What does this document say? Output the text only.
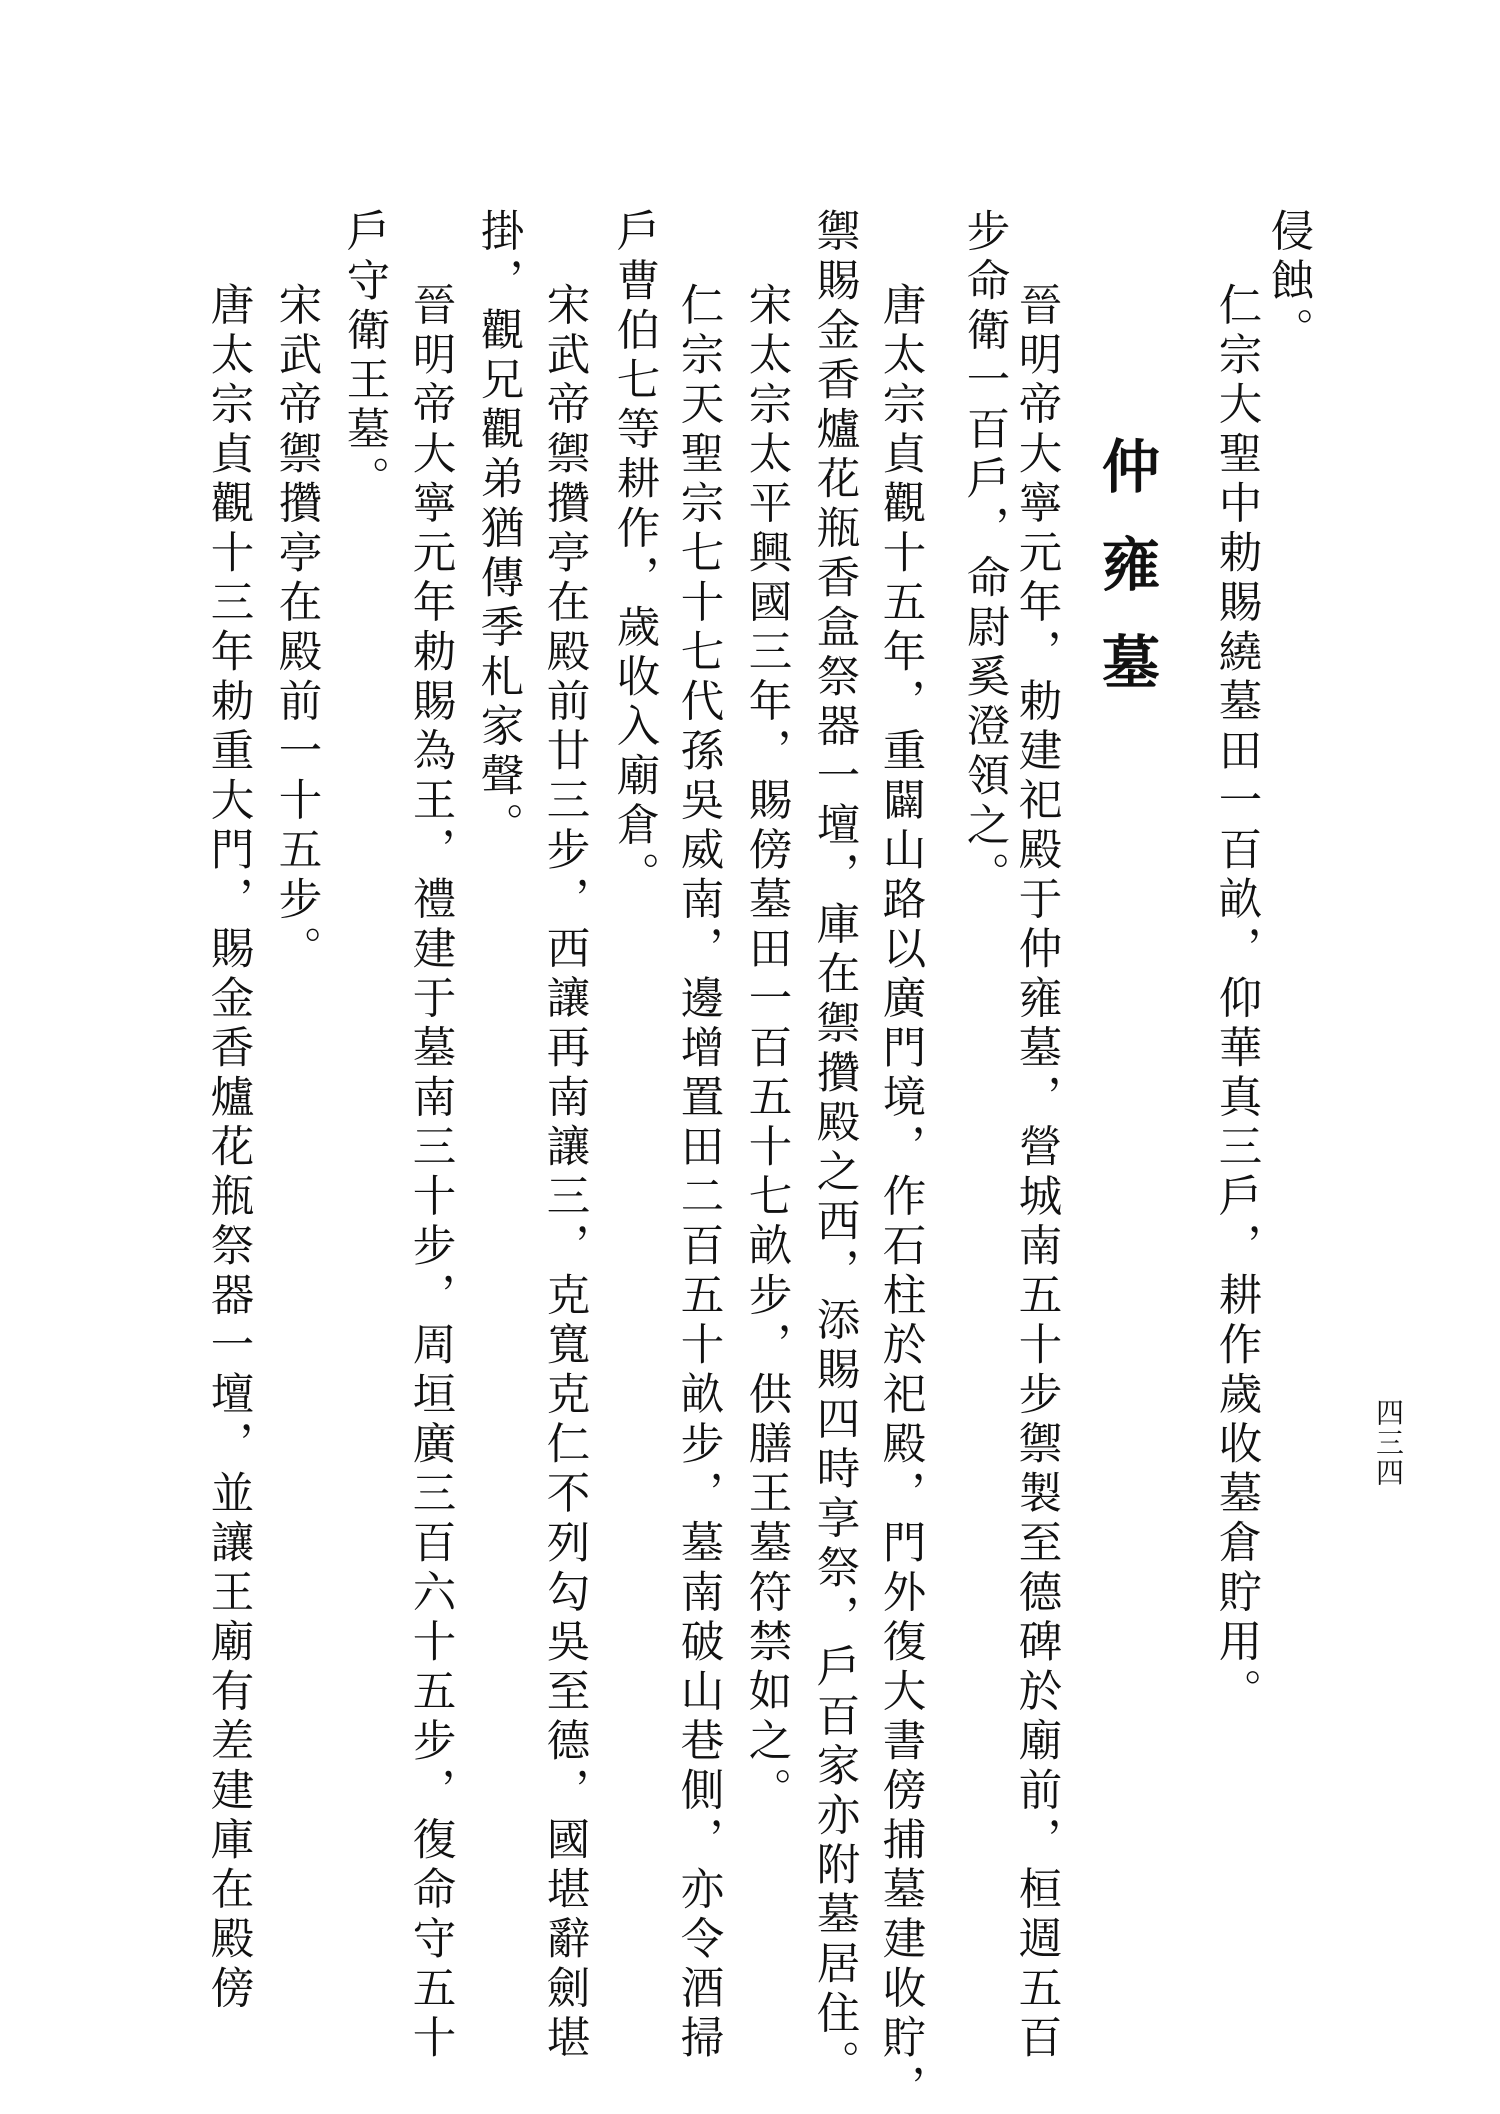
四三四
侵蝕。
仁宗大聖中勅賜繞墓田一百畝，仰華真三戶，耕作歲收墓倉貯用。
晉明帝大寧元年，勅建祀殿于仲雍墓，營城南五十步禦製至德碑於廟前，桓週五百 仲雍墓
步命衛一百戶，命尉奚澄領之。
唐太宗貞觀十五年，重闢山路以廣門境，作石柱於祀殿，門外復大書傍捕墓建收貯，
禦賜金香爐花瓶香盒祭器一壇，庫在禦攢殿之西，添賜四時享祭，戶百家亦附墓居住。
宋太宗太平興國三年，賜傍墓田一百五十七畝步，供膳王墓符禁如之。
仁宗天聖宗七十七代孫吳威南，邊增置田二百五十畝步，墓南破山巷側，亦令酒掃
戶曹伯七等耕作，歲收入廟倉。
宋武帝禦攢亭在殿前廿三步，西讓再南讓三，克寬克仁不列勾吳至德，國堪辭劍堪
掛，觀兄觀弟猶傳季札家聲。
晉明帝大寧元年勅賜為王，禮建于墓南三十步，周垣廣三百六十五步，復命守五十
戶守衛王墓。
宋武帝禦攢亭在殿前一十五步。
唐太宗貞觀十三年勅重大門，賜金香爐花瓶祭器一壇，並讓王廟有差建庫在殿傍
